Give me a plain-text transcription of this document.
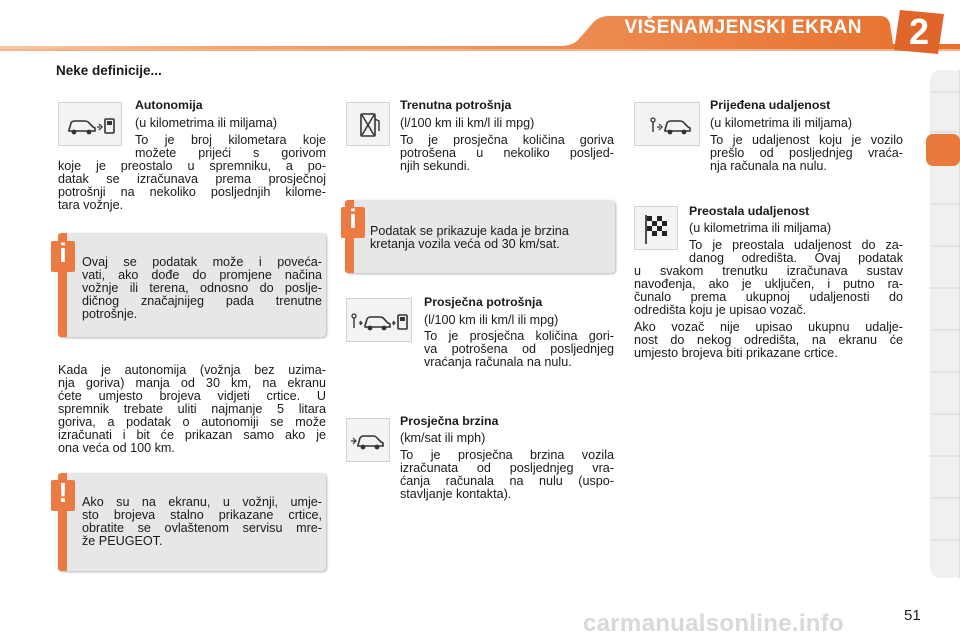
VIŠENAMJENSKI EKRAN	2
Neke definicije...
Autonomija
(u kilometrima ili miljama)
To je broj kilometara koje
možete prijeći s gorivom
koje je preostalo u spremniku, a po-
datak se izračunava prema prosječnoj
potrošnji na nekoliko posljednjih kilome-
tara vožnje.
i	Ovaj se podatak može i poveća-
vati, ako dođe do promjene načina
vožnje ili terena, odnosno do poslje-
dičnog značajnijeg pada trenutne
potrošnje.
Kada je autonomija (vožnja bez uzima-
nja goriva) manja od 30 km, na ekranu
ćete umjesto brojeva vidjeti crtice. U
spremnik trebate uliti najmanje 5 litara
goriva, a podatak o autonomiji se može
izračunati i bit će prikazan samo ako je
ona veća od 100 km.
!	Ako su na ekranu, u vožnji, umje-
sto brojeva stalno prikazane crtice,
obratite se ovlaštenom servisu mre-
že PEUGEOT.
Trenutna potrošnja
(l/100 km ili km/l ili mpg)
To je prosječna količina goriva
potrošena u nekoliko posljed-
njih sekundi.
i	Podatak se prikazuje kada je brzina
kretanja vozila veća od 30 km/sat.
Prosječna potrošnja
(l/100 km ili km/l ili mpg)
To je prosječna količina gori-
va potrošena od posljednjeg
vraćanja računala na nulu.
Prosječna brzina
(km/sat ili mph)
To je prosječna brzina vozila
izračunata od posljednjeg vra-
ćanja računala na nulu (uspo-
stavljanje kontakta).
Prijeđena udaljenost
(u kilometrima ili miljama)
To je udaljenost koju je vozilo
prešlo od posljednjeg vraća-
nja računala na nulu.
Preostala udaljenost
(u kilometrima ili miljama)
To je preostala udaljenost do za-
danog odredišta. Ovaj podatak
u svakom trenutku izračunava sustav
navođenja, ako je uključen, i putno ra-
čunalo prema ukupnoj udaljenosti do
odredišta koju je upisao vozač.
Ako vozač nije upisao ukupnu udalje-
nost do nekog odredišta, na ekranu će
umjesto brojeva biti prikazane crtice.
51
carmanualsonline.info
